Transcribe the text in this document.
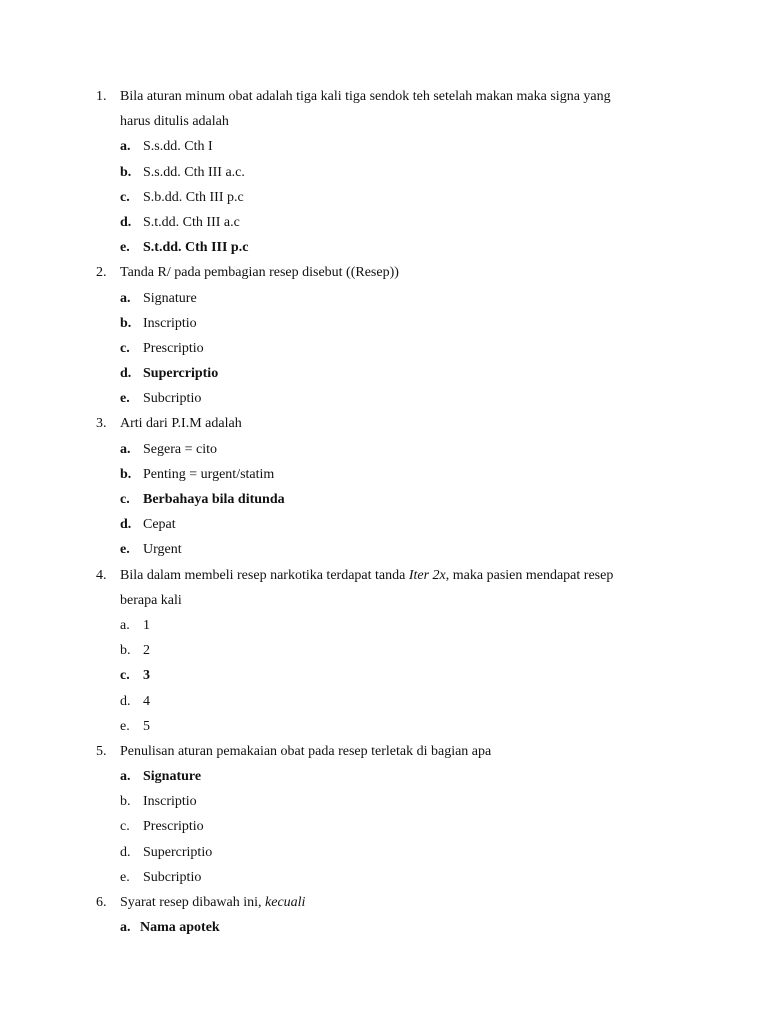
1. Bila aturan minum obat adalah tiga kali tiga sendok teh setelah makan maka signa yang
harus ditulis adalah
a. S.s.dd. Cth I
b. S.s.dd. Cth III a.c.
c. S.b.dd. Cth III p.c
d. S.t.dd. Cth III a.c
e. S.t.dd. Cth III p.c
2. Tanda R/ pada pembagian resep disebut ((Resep))
a. Signature
b. Inscriptio
c. Prescriptio
d. Supercriptio
e. Subcriptio
3. Arti dari P.I.M adalah
a. Segera = cito
b. Penting = urgent/statim
c. Berbahaya bila ditunda
d. Cepat
e. Urgent
4. Bila dalam membeli resep narkotika terdapat tanda Iter 2x, maka pasien mendapat resep
berapa kali
a. 1
b. 2
c. 3
d. 4
e. 5
5. Penulisan aturan pemakaian obat pada resep terletak di bagian apa
a. Signature
b. Inscriptio
c. Prescriptio
d. Supercriptio
e. Subcriptio
6. Syarat resep dibawah ini, kecuali
a. Nama apotek
